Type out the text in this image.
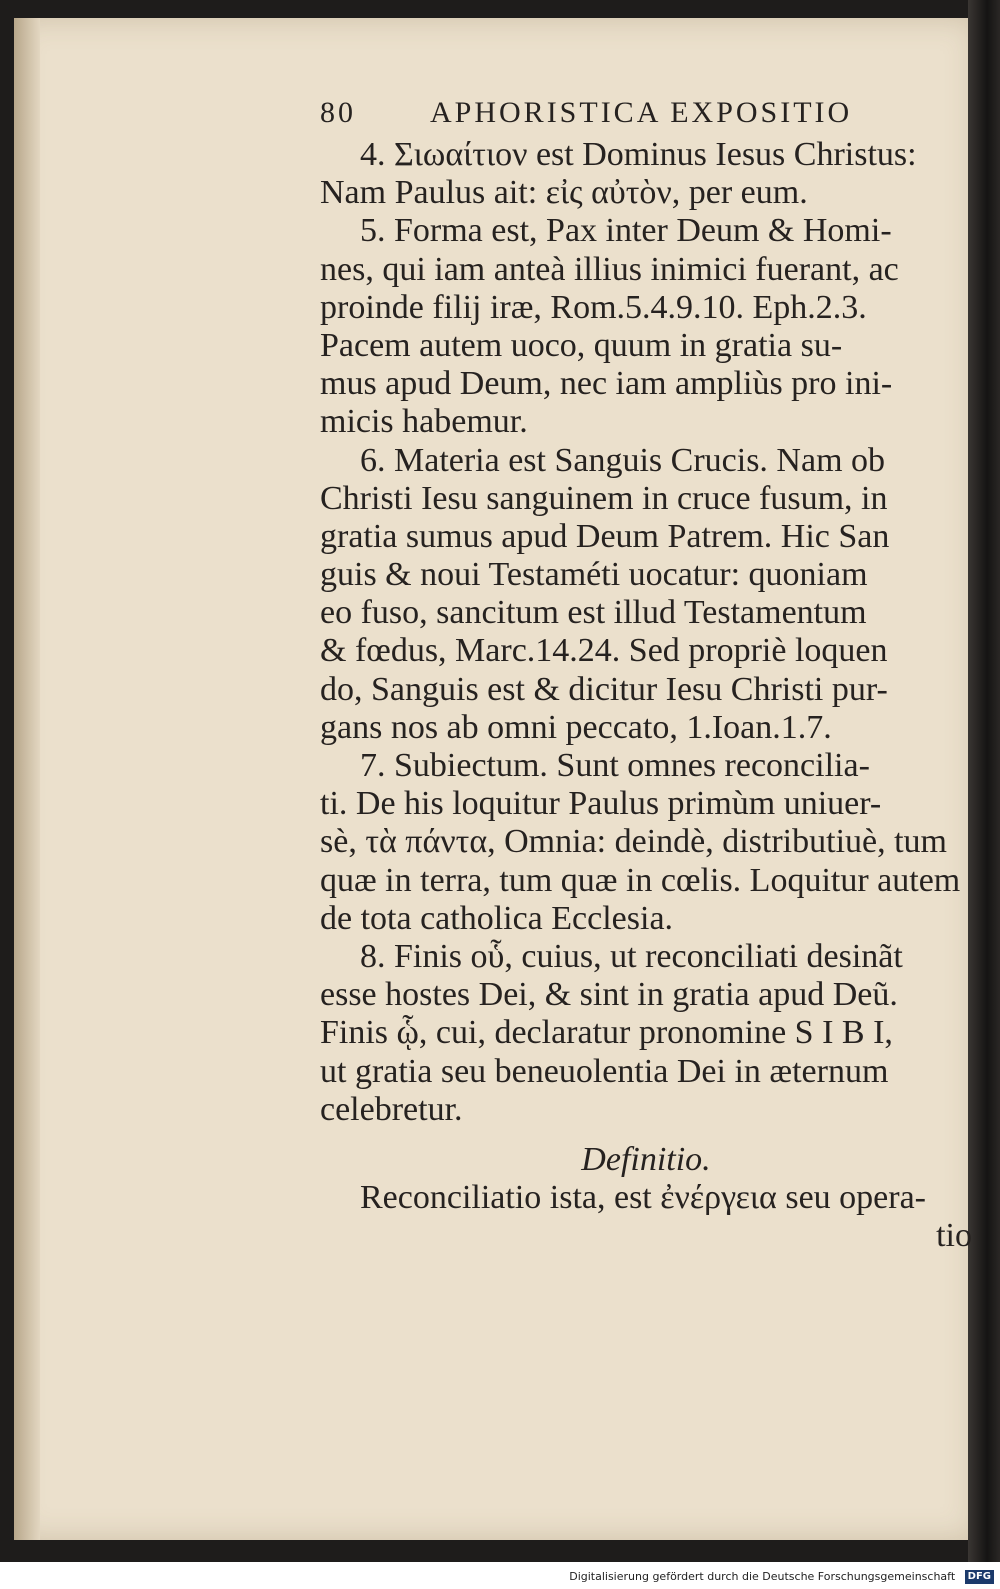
80	APHORISTICA EXPOSITIO
4. Σιωαίτιον est Dominus Iesus Christus:
Nam Paulus ait: εἰς αὐτὸν, per eum.
5. Forma est, Pax inter Deum & Homi-
nes, qui iam anteà illius inimici fuerant, ac
proinde filij iræ, Rom.5.4.9.10. Eph.2.3.
Pacem autem uoco, quum in gratia su-
mus apud Deum, nec iam ampliùs pro ini-
micis habemur.
6. Materia est Sanguis Crucis. Nam ob
Christi Iesu sanguinem in cruce fusum, in
gratia sumus apud Deum Patrem. Hic San
guis & noui Testaméti uocatur: quoniam
eo fuso, sancitum est illud Testamentum
& fœdus, Marc.14.24. Sed propriè loquen
do, Sanguis est & dicitur Iesu Christi pur-
gans nos ab omni peccato, 1.Ioan.1.7.
7. Subiectum. Sunt omnes reconcilia-
ti. De his loquitur Paulus primùm uniuer-
sè, τὰ πάντα, Omnia: deindè, distributiuè, tum
quæ in terra, tum quæ in cœlis. Loquitur autem
de tota catholica Ecclesia.
8. Finis οὗ, cuius, ut reconciliati desinãt
esse hostes Dei, & sint in gratia apud Deũ.
Finis ᾧ, cui, declaratur pronomine S I B I,
ut gratia seu beneuolentia Dei in æternum
celebretur.
Definitio.
Reconciliatio ista, est ἐνέργεια seu opera-
tio
Digitalisierung gefördert durch die Deutsche Forschungsgemeinschaft DFG
